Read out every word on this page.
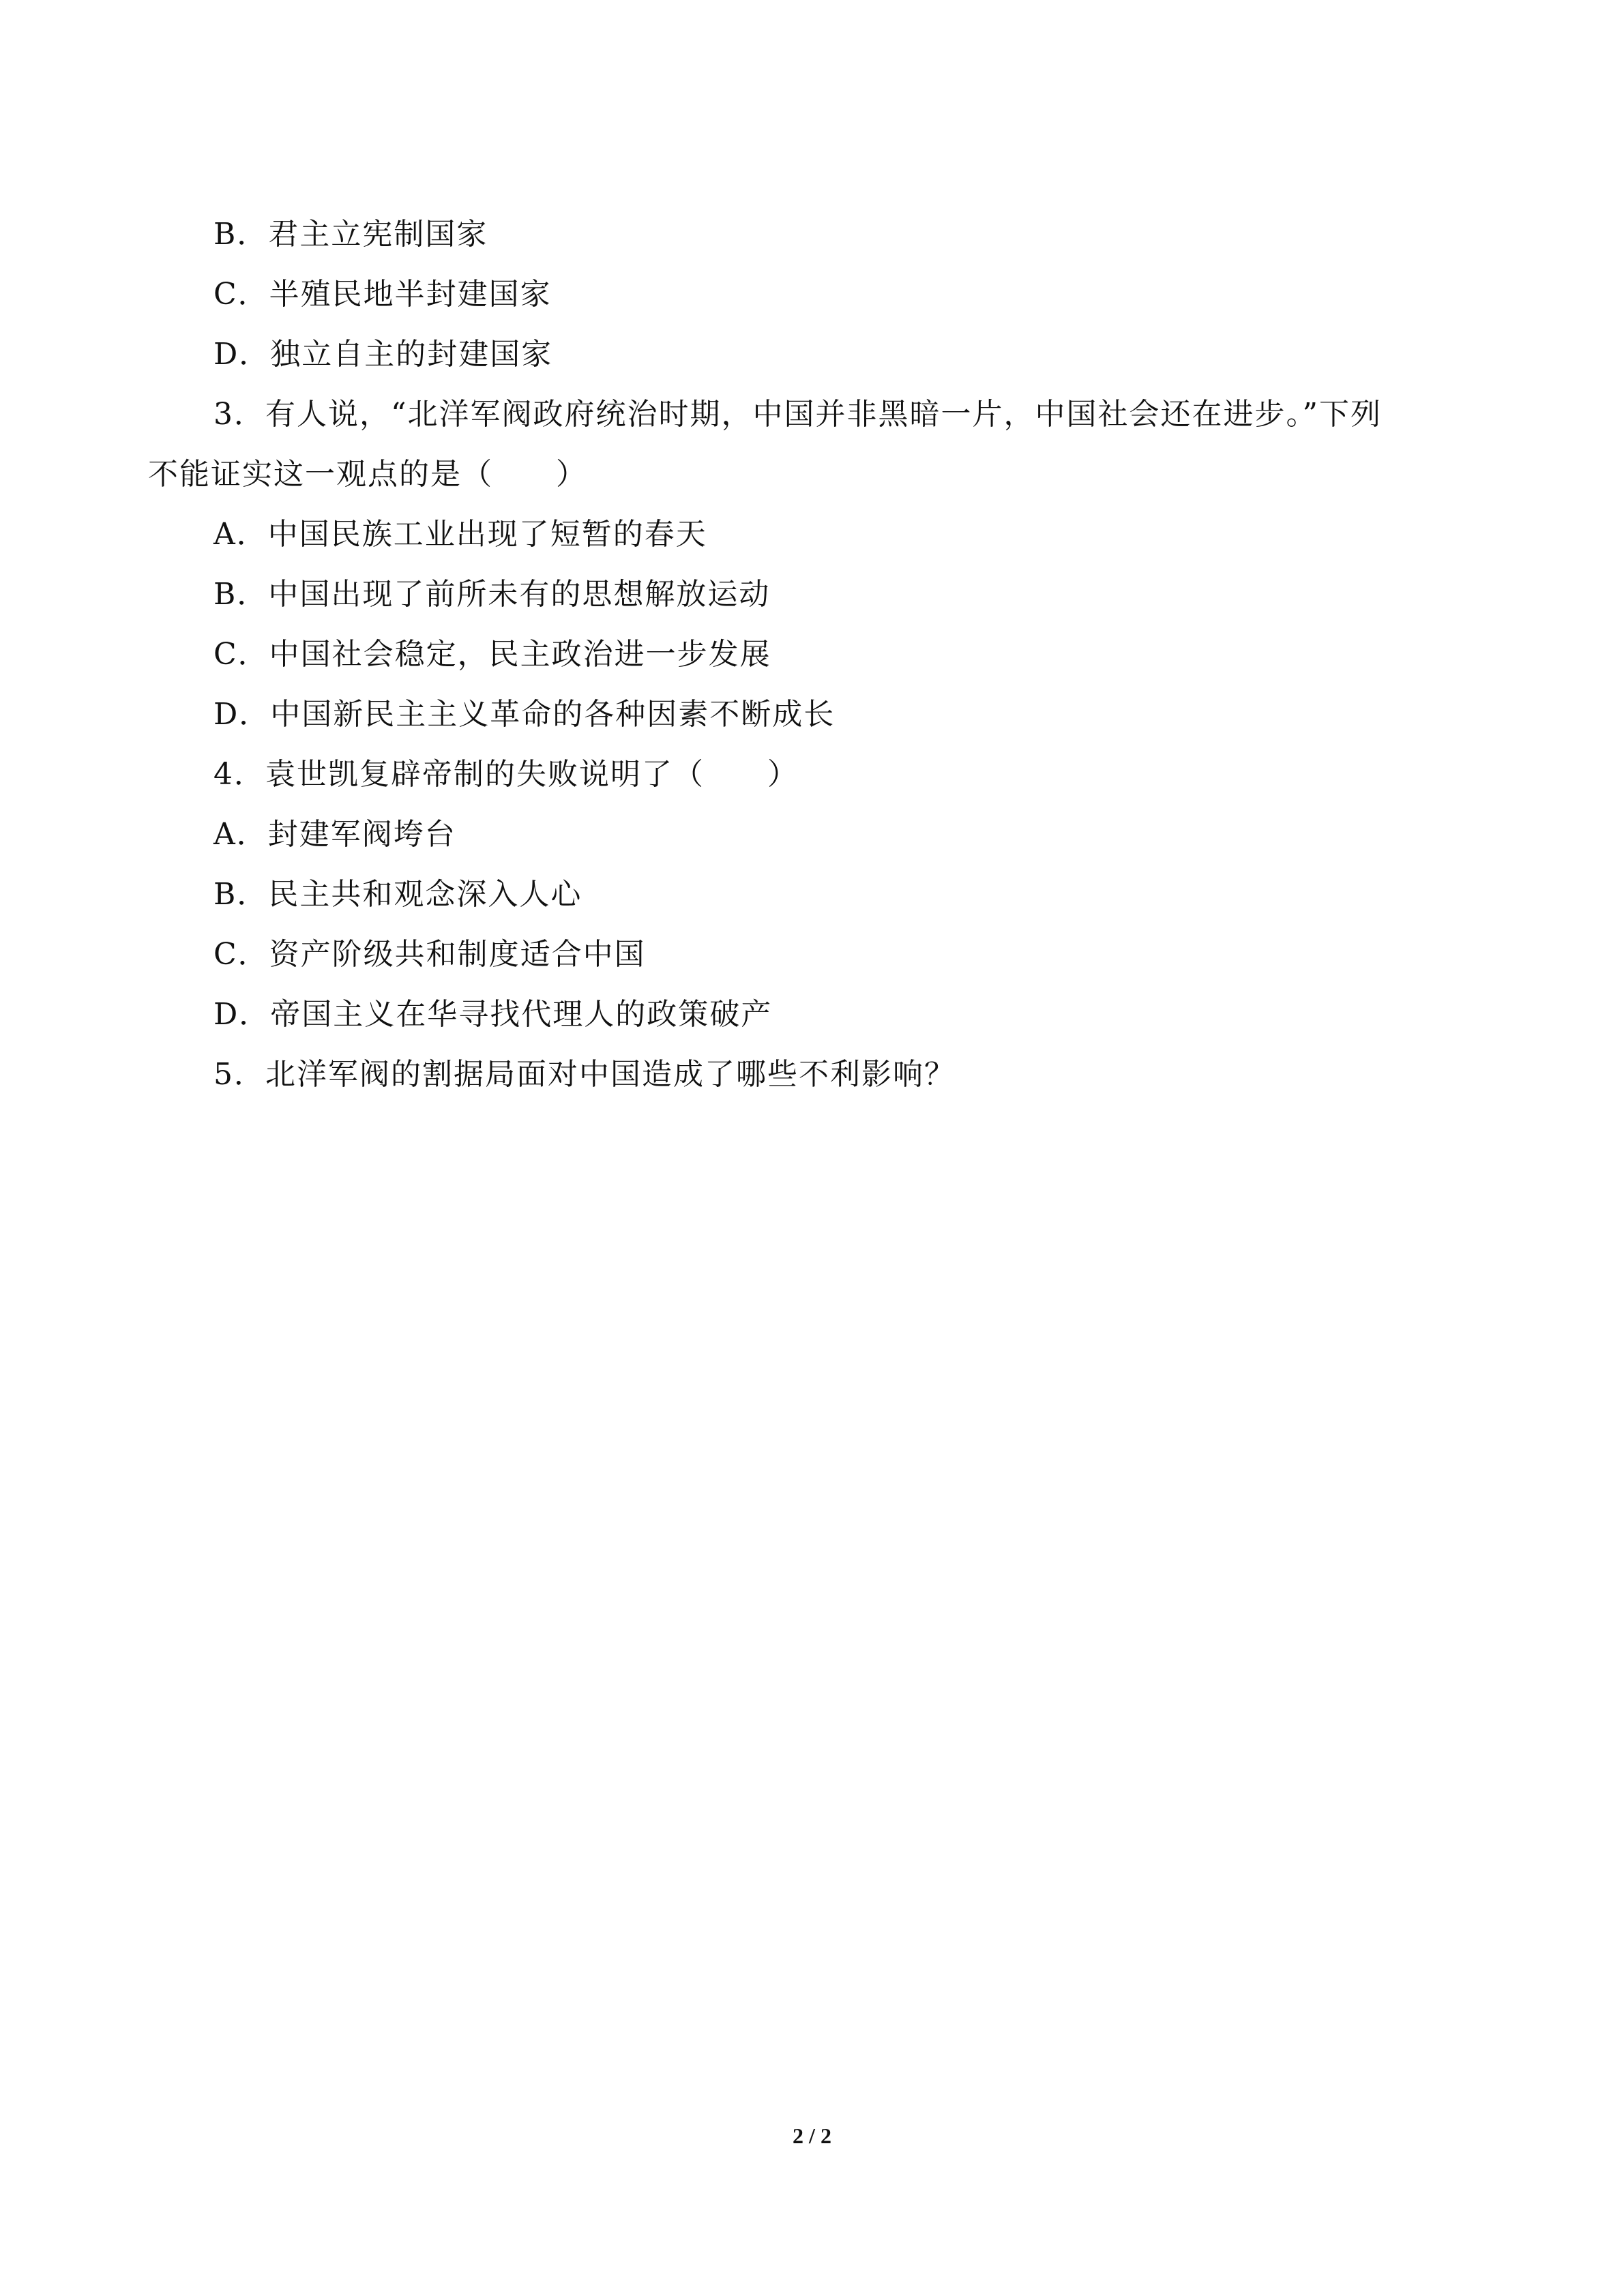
B．君主立宪制国家
C．半殖民地半封建国家
D．独立自主的封建国家
3．有人说，“北洋军阀政府统治时期，中国并非黑暗一片，中国社会还在进步。”下列
不能证实这一观点的是（　　）
A．中国民族工业出现了短暂的春天
B．中国出现了前所未有的思想解放运动
C．中国社会稳定，民主政治进一步发展
D．中国新民主主义革命的各种因素不断成长
4．袁世凯复辟帝制的失败说明了（　　）
A．封建军阀垮台
B．民主共和观念深入人心
C．资产阶级共和制度适合中国
D．帝国主义在华寻找代理人的政策破产
5．北洋军阀的割据局面对中国造成了哪些不利影响？
2 / 2
